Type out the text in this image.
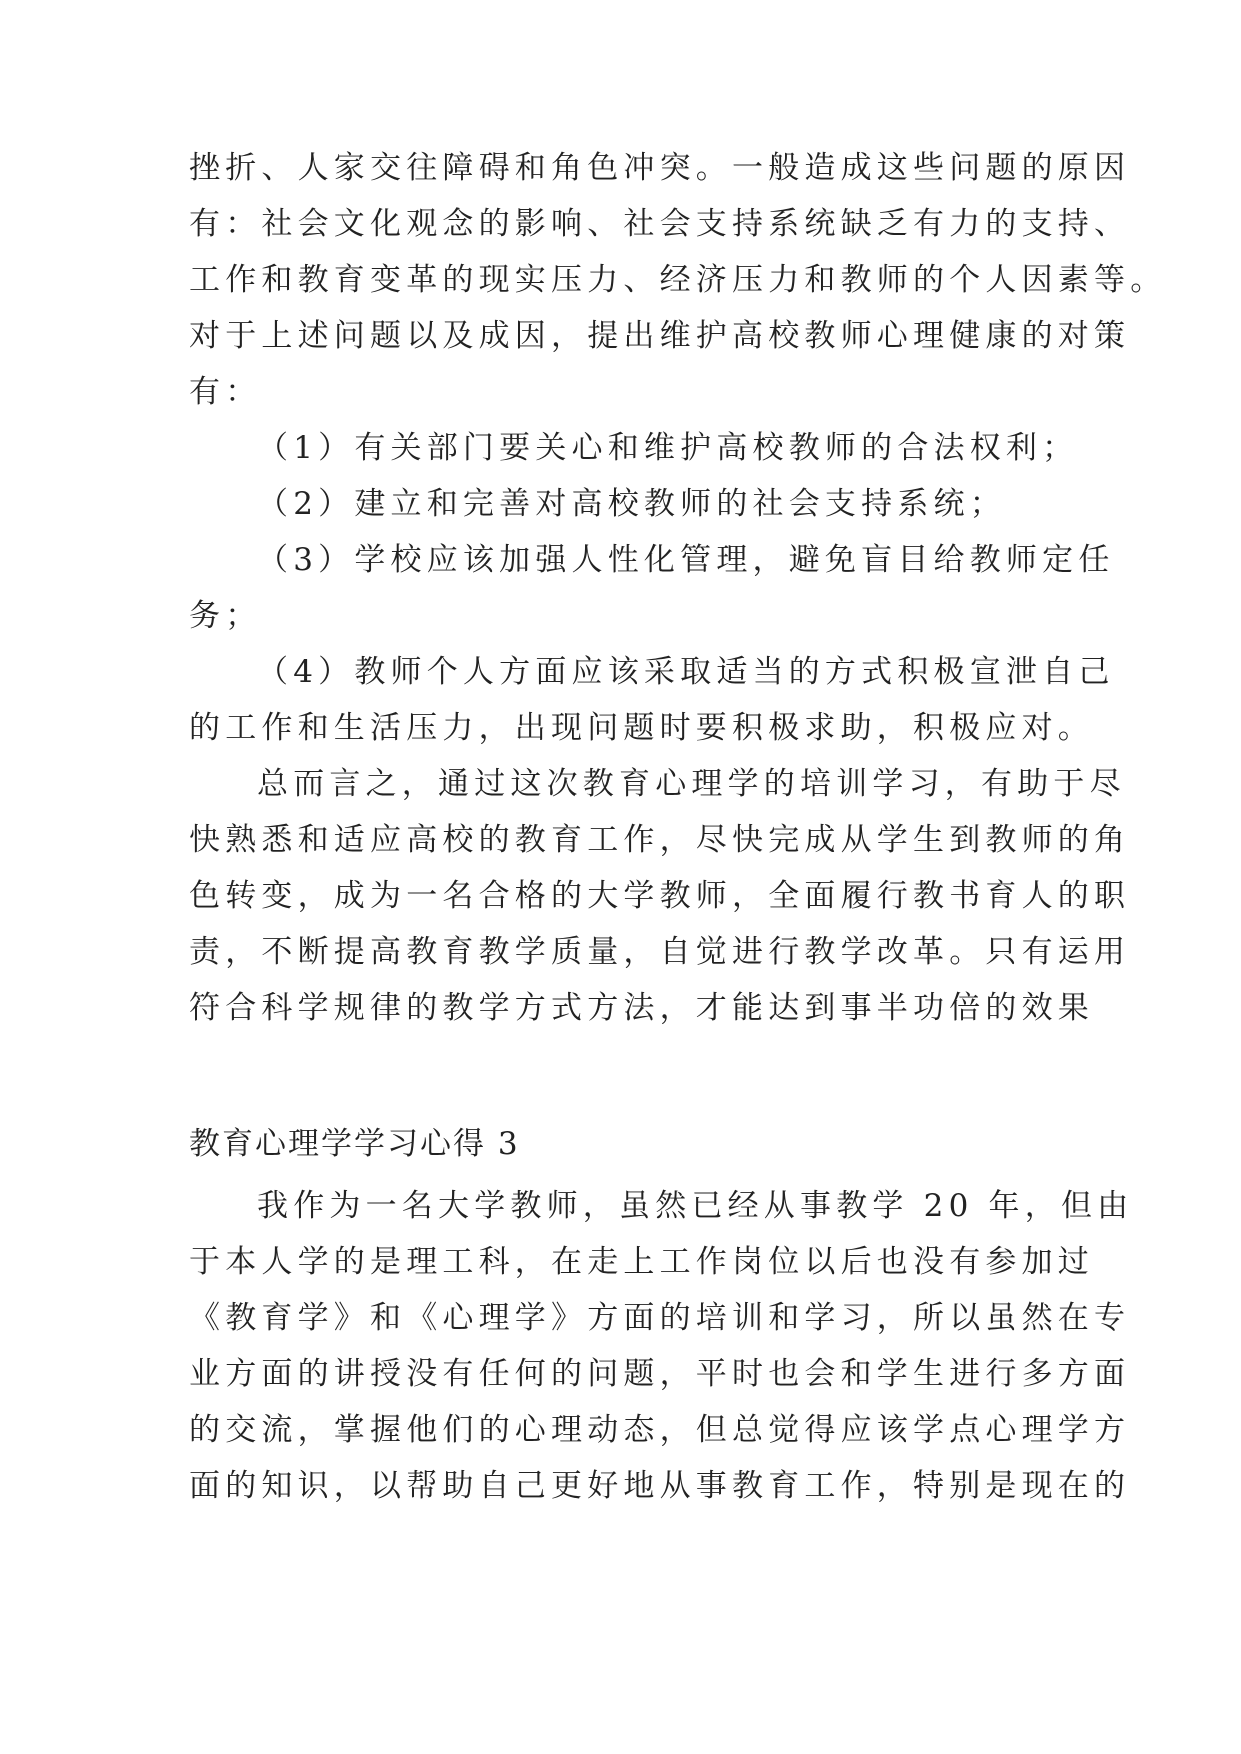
挫折、人家交往障碍和角色冲突。一般造成这些问题的原因
有：社会文化观念的影响、社会支持系统缺乏有力的支持、
工作和教育变革的现实压力、经济压力和教师的个人因素等。
对于上述问题以及成因，提出维护高校教师心理健康的对策
有：
（1）有关部门要关心和维护高校教师的合法权利；
（2）建立和完善对高校教师的社会支持系统；
（3）学校应该加强人性化管理，避免盲目给教师定任
务；
（4）教师个人方面应该采取适当的方式积极宣泄自己
的工作和生活压力，出现问题时要积极求助，积极应对。
总而言之，通过这次教育心理学的培训学习，有助于尽
快熟悉和适应高校的教育工作，尽快完成从学生到教师的角
色转变，成为一名合格的大学教师，全面履行教书育人的职
责，不断提高教育教学质量，自觉进行教学改革。只有运用
符合科学规律的教学方式方法，才能达到事半功倍的效果
教育心理学学习心得 3
我作为一名大学教师，虽然已经从事教学 20 年，但由
于本人学的是理工科，在走上工作岗位以后也没有参加过
《教育学》和《心理学》方面的培训和学习，所以虽然在专
业方面的讲授没有任何的问题，平时也会和学生进行多方面
的交流，掌握他们的心理动态，但总觉得应该学点心理学方
面的知识，以帮助自己更好地从事教育工作，特别是现在的
